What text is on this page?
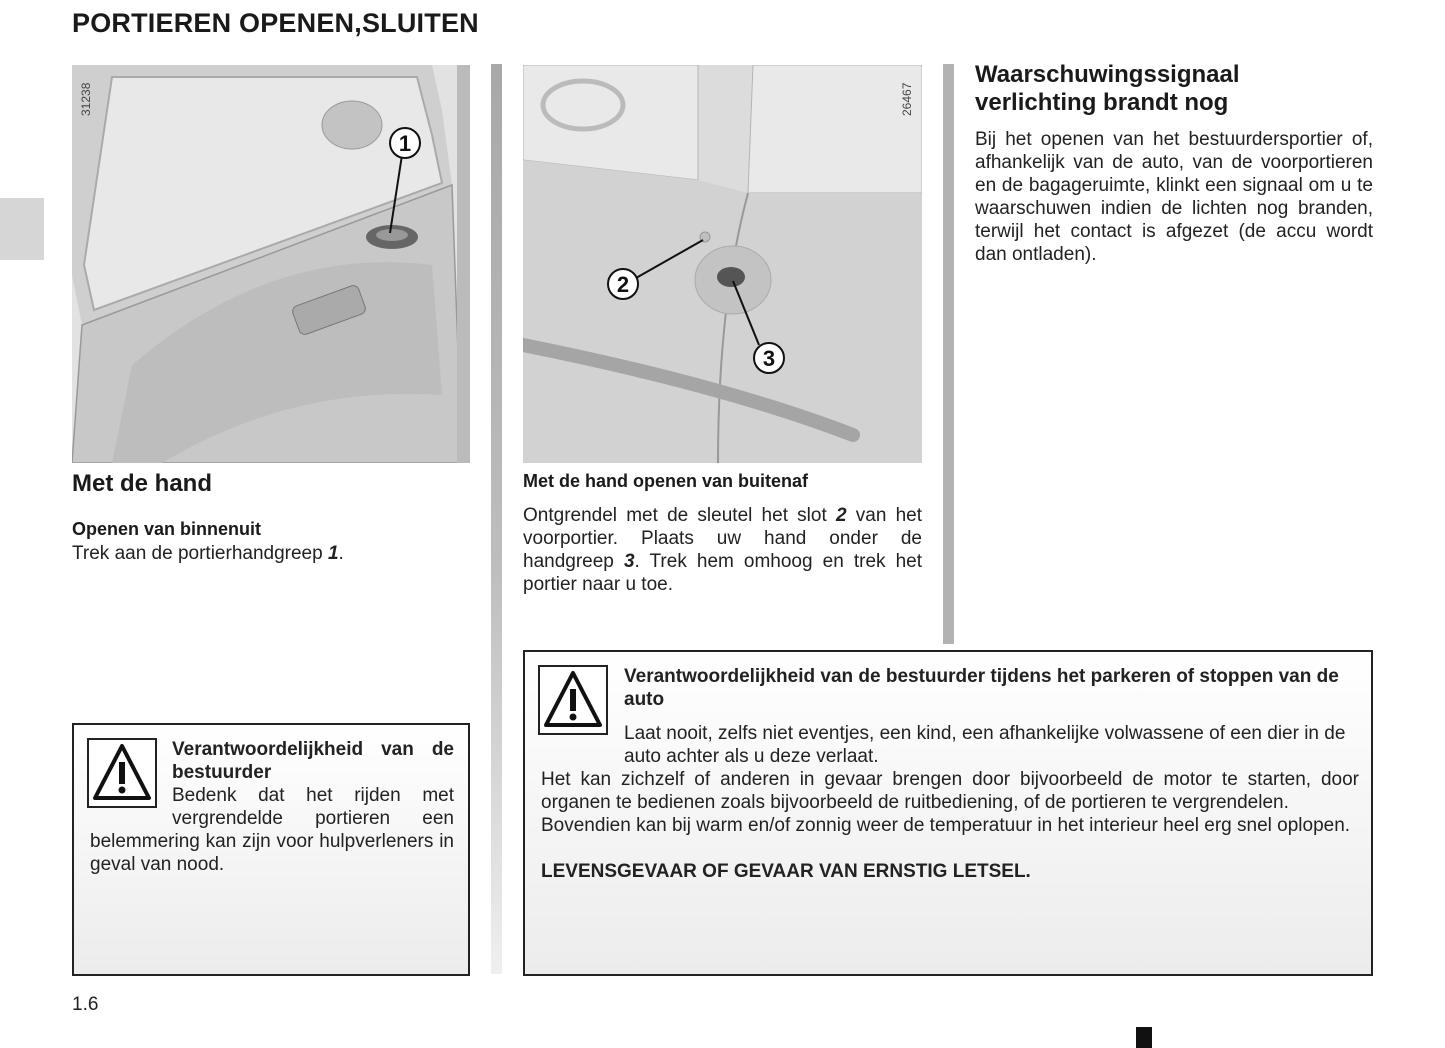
PORTIEREN OPENEN,SLUITEN
1
31238
2
3
26467
Met de hand
Openen van binnenuit
Trek aan de portierhandgreep 1.
Met de hand openen van buitenaf
Ontgrendel met de sleutel het slot 2 van het voorportier. Plaats uw hand onder de handgreep 3. Trek hem omhoog en trek het portier naar u toe.
Waarschuwingssignaal verlichting brandt nog
Bij het openen van het bestuurdersportier of, afhankelijk van de auto, van de voorportieren en de bagageruimte, klinkt een signaal om u te waarschuwen indien de lichten nog branden, terwijl het contact is afgezet (de accu wordt dan ontladen).
Verantwoordelijkheid van de bestuurder
Bedenk dat het rijden met vergrendelde portieren een belemmering kan zijn voor hulpverleners in geval van nood.
Verantwoordelijkheid van de bestuurder tijdens het parkeren of stoppen van de auto
Laat nooit, zelfs niet eventjes, een kind, een afhankelijke volwassene of een dier in de auto achter als u deze verlaat.
Het kan zichzelf of anderen in gevaar brengen door bijvoorbeeld de motor te starten, door organen te bedienen zoals bijvoorbeeld de ruitbediening, of de portieren te vergrendelen.
Bovendien kan bij warm en/of zonnig weer de temperatuur in het interieur heel erg snel oplopen.
LEVENSGEVAAR OF GEVAAR VAN ERNSTIG LETSEL.
1.6
